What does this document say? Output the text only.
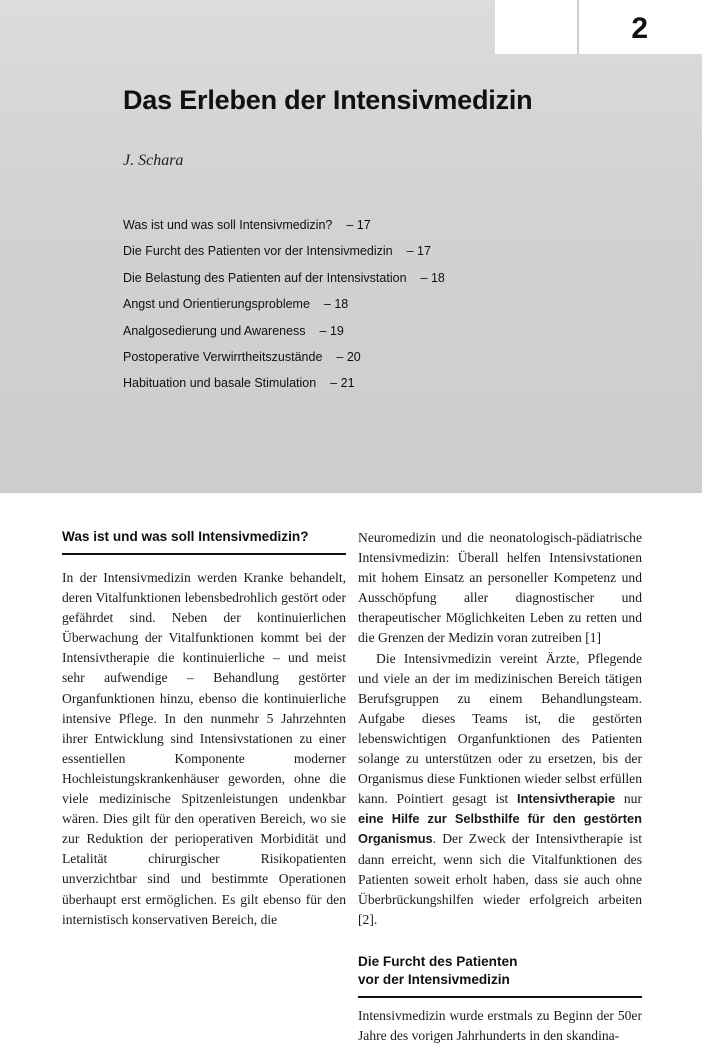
2
Das Erleben der Intensivmedizin
J. Schara
Was ist und was soll Intensivmedizin? – 17
Die Furcht des Patienten vor der Intensivmedizin – 17
Die Belastung des Patienten auf der Intensivstation – 18
Angst und Orientierungsprobleme – 18
Analgosedierung und Awareness – 19
Postoperative Verwirrtheitszustände – 20
Habituation und basale Stimulation – 21
Was ist und was soll Intensivmedizin?

In der Intensivmedizin werden Kranke behandelt, deren Vitalfunktionen lebensbedrohlich gestört oder gefährdet sind. Neben der kontinuierlichen Überwachung der Vitalfunktionen kommt bei der Intensivtherapie die kontinuierliche – und meist sehr aufwendige – Behandlung gestörter Organfunktionen hinzu, ebenso die kontinuierliche intensive Pflege. In den nunmehr 5 Jahrzehnten ihrer Entwicklung sind Intensivstationen zu einer essentiellen Komponente moderner Hochleistungskrankenhäuser geworden, ohne die viele medizinische Spitzenleistungen undenkbar wären. Dies gilt für den operativen Bereich, wo sie zur Reduktion der perioperativen Morbidität und Letalität chirurgischer Risikopatienten unverzichtbar sind und bestimmte Operationen überhaupt erst ermöglichen. Es gilt ebenso für den internistisch konservativen Bereich, die

Neuromedizin und die neonatologisch-pädiatrische Intensivmedizin: Überall helfen Intensivstationen mit hohem Einsatz an personeller Kompetenz und Ausschöpfung aller diagnostischer und therapeutischer Möglichkeiten Leben zu retten und die Grenzen der Medizin voran zutreiben [1]

Die Intensivmedizin vereint Ärzte, Pflegende und viele an der im medizinischen Bereich tätigen Berufsgruppen zu einem Behandlungsteam. Aufgabe dieses Teams ist, die gestörten lebenswichtigen Organfunktionen des Patienten solange zu unterstützen oder zu ersetzen, bis der Organismus diese Funktionen wieder selbst erfüllen kann. Pointiert gesagt ist Intensivtherapie nur eine Hilfe zur Selbsthilfe für den gestörten Organismus. Der Zweck der Intensivtherapie ist dann erreicht, wenn sich die Vitalfunktionen des Patienten soweit erholt haben, dass sie auch ohne Überbrückungshilfen wieder erfolgreich arbeiten [2].

Die Furcht des Patienten
vor der Intensivmedizin

Intensivmedizin wurde erstmals zu Beginn der 50er Jahre des vorigen Jahrhunderts in den skandina-
